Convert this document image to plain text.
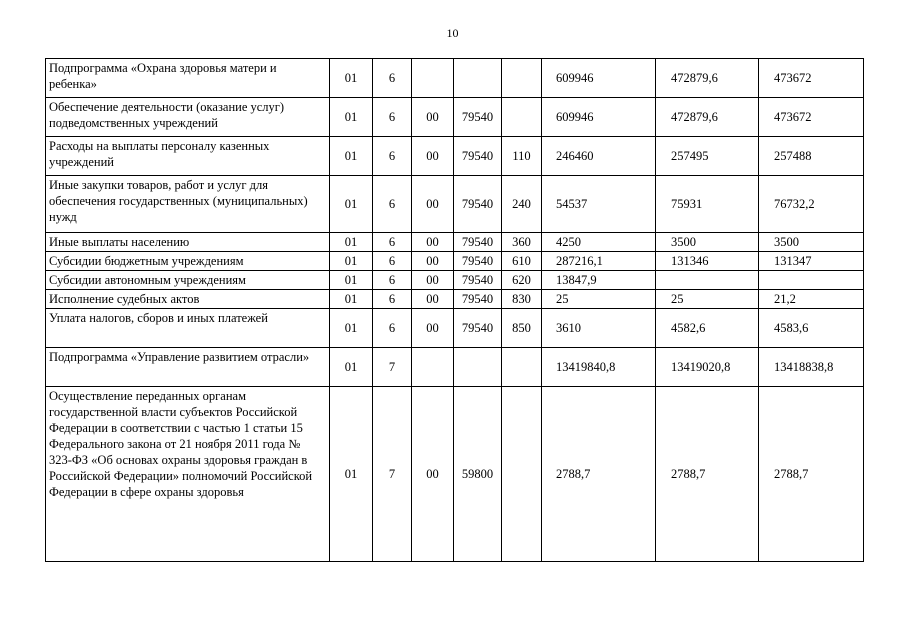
10
Подпрограмма «Охрана здоровья матери и ребенка»	01	6				609946	472879,6	473672
Обеспечение деятельности (оказание услуг) подведомственных учреждений	01	6	00	79540		609946	472879,6	473672
Расходы на выплаты персоналу казенных учреждений	01	6	00	79540	110	246460	257495	257488
Иные закупки товаров, работ и услуг для обеспечения государственных (муниципальных) нужд	01	6	00	79540	240	54537	75931	76732,2
Иные выплаты населению	01	6	00	79540	360	4250	3500	3500
Субсидии бюджетным учреждениям	01	6	00	79540	610	287216,1	131346	131347
Субсидии автономным учреждениям	01	6	00	79540	620	13847,9		
Исполнение судебных актов	01	6	00	79540	830	25	25	21,2
Уплата налогов, сборов и иных платежей	01	6	00	79540	850	3610	4582,6	4583,6
Подпрограмма «Управление развитием отрасли»	01	7				13419840,8	13419020,8	13418838,8
Осуществление переданных органам государственной власти субъектов Российской Федерации в соответствии с частью 1 статьи 15 Федерального закона от 21 ноября 2011 года № 323-ФЗ «Об основах охраны здоровья граждан в Российской Федерации» полномочий Российской Федерации в сфере охраны здоровья	01	7	00	59800		2788,7	2788,7	2788,7
